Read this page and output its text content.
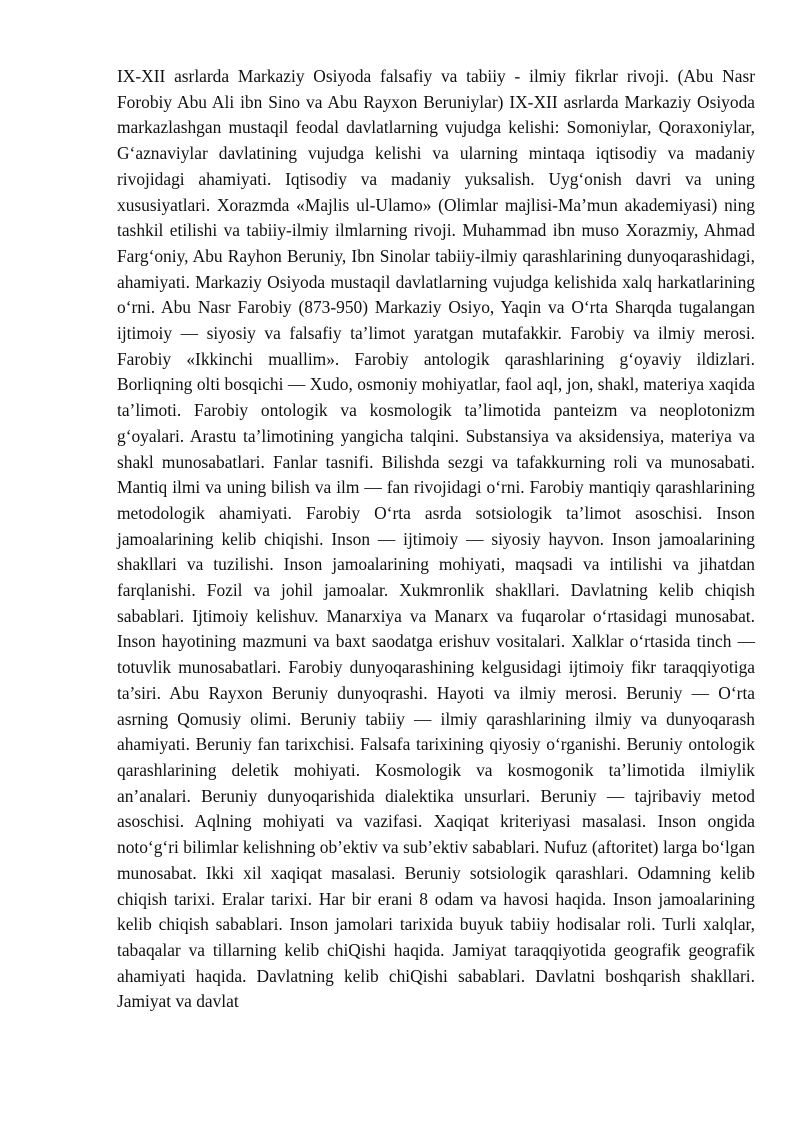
IX-XII asrlarda Markaziy Osiyoda falsafiy va tabiiy - ilmiy fikrlar rivoji. (Abu Nasr Forobiy Abu Ali ibn Sino va Abu Rayxon Beruniylar) IX-XII asrlarda Markaziy Osiyoda markazlashgan mustaqil feodal davlatlarning vujudga kelishi: Somoniylar, Qoraxoniylar, G‘aznaviylar davlatining vujudga kelishi va ularning mintaqa iqtisodiy va madaniy rivojidagi ahamiyati. Iqtisodiy va madaniy yuksalish. Uyg‘onish davri va uning xususiyatlari. Xorazmda «Majlis ul-Ulamo» (Olimlar majlisi-Ma’mun akademiyasi) ning tashkil etilishi va tabiiy-ilmiy ilmlarning rivoji. Muhammad ibn muso Xorazmiy, Ahmad Farg‘oniy, Abu Rayhon Beruniy, Ibn Sinolar tabiiy-ilmiy qarashlarining dunyoqarashidagi, ahamiyati. Markaziy Osiyoda mustaqil davlatlarning vujudga kelishida xalq harkatlarining o‘rni. Abu Nasr Farobiy (873-950) Markaziy Osiyo, Yaqin va O‘rta Sharqda tugalangan ijtimoiy — siyosiy va falsafiy ta’limot yaratgan mutafakkir. Farobiy va ilmiy merosi. Farobiy «Ikkinchi muallim». Farobiy antologik qarashlarining g‘oyaviy ildizlari. Borliqning olti bosqichi — Xudo, osmoniy mohiyatlar, faol aql, jon, shakl, materiya xaqida ta’limoti. Farobiy ontologik va kosmologik ta’limotida panteizm va neoplotonizm g‘oyalari. Arastu ta’limotining yangicha talqini. Substansiya va aksidensiya, materiya va shakl munosabatlari. Fanlar tasnifi. Bilishda sezgi va tafakkurning roli va munosabati. Mantiq ilmi va uning bilish va ilm — fan rivojidagi o‘rni. Farobiy mantiqiy qarashlarining metodologik ahamiyati. Farobiy O‘rta asrda sotsiologik ta’limot asoschisi. Inson jamoalarining kelib chiqishi. Inson — ijtimoiy — siyosiy hayvon. Inson jamoalarining shakllari va tuzilishi. Inson jamoalarining mohiyati, maqsadi va intilishi va jihatdan farqlanishi. Fozil va johil jamoalar. Xukmronlik shakllari. Davlatning kelib chiqish sabablari. Ijtimoiy kelishuv. Manarxiya va Manarx va fuqarolar o‘rtasidagi munosabat. Inson hayotining mazmuni va baxt saodatga erishuv vositalari. Xalklar o‘rtasida tinch — totuvlik munosabatlari. Farobiy dunyoqarashining kelgusidagi ijtimoiy fikr taraqqiyotiga ta’siri. Abu Rayxon Beruniy dunyoqrashi. Hayoti va ilmiy merosi. Beruniy — O‘rta asrning Qomusiy olimi. Beruniy tabiiy — ilmiy qarashlarining ilmiy va dunyoqarash ahamiyati. Beruniy fan tarixchisi. Falsafa tarixining qiyosiy o‘rganishi. Beruniy ontologik qarashlarining deletik mohiyati. Kosmologik va kosmogonik ta’limotida ilmiylik an’analari. Beruniy dunyoqarishida dialektika unsurlari. Beruniy — tajribaviy metod asoschisi. Aqlning mohiyati va vazifasi. Xaqiqat kriteriyasi masalasi. Inson ongida noto‘g‘ri bilimlar kelishning ob’ektiv va sub’ektiv sabablari. Nufuz (aftoritet) larga bo‘lgan munosabat. Ikki xil xaqiqat masalasi. Beruniy sotsiologik qarashlari. Odamning kelib chiqish tarixi. Eralar tarixi. Har bir erani 8 odam va havosi haqida. Inson jamoalarining kelib chiqish sabablari. Inson jamolari tarixida buyuk tabiiy hodisalar roli. Turli xalqlar, tabaqalar va tillarning kelib chiQishi haqida. Jamiyat taraqqiyotida geografik geografik ahamiyati haqida. Davlatning kelib chiQishi sabablari. Davlatni boshqarish shakllari. Jamiyat va davlat
